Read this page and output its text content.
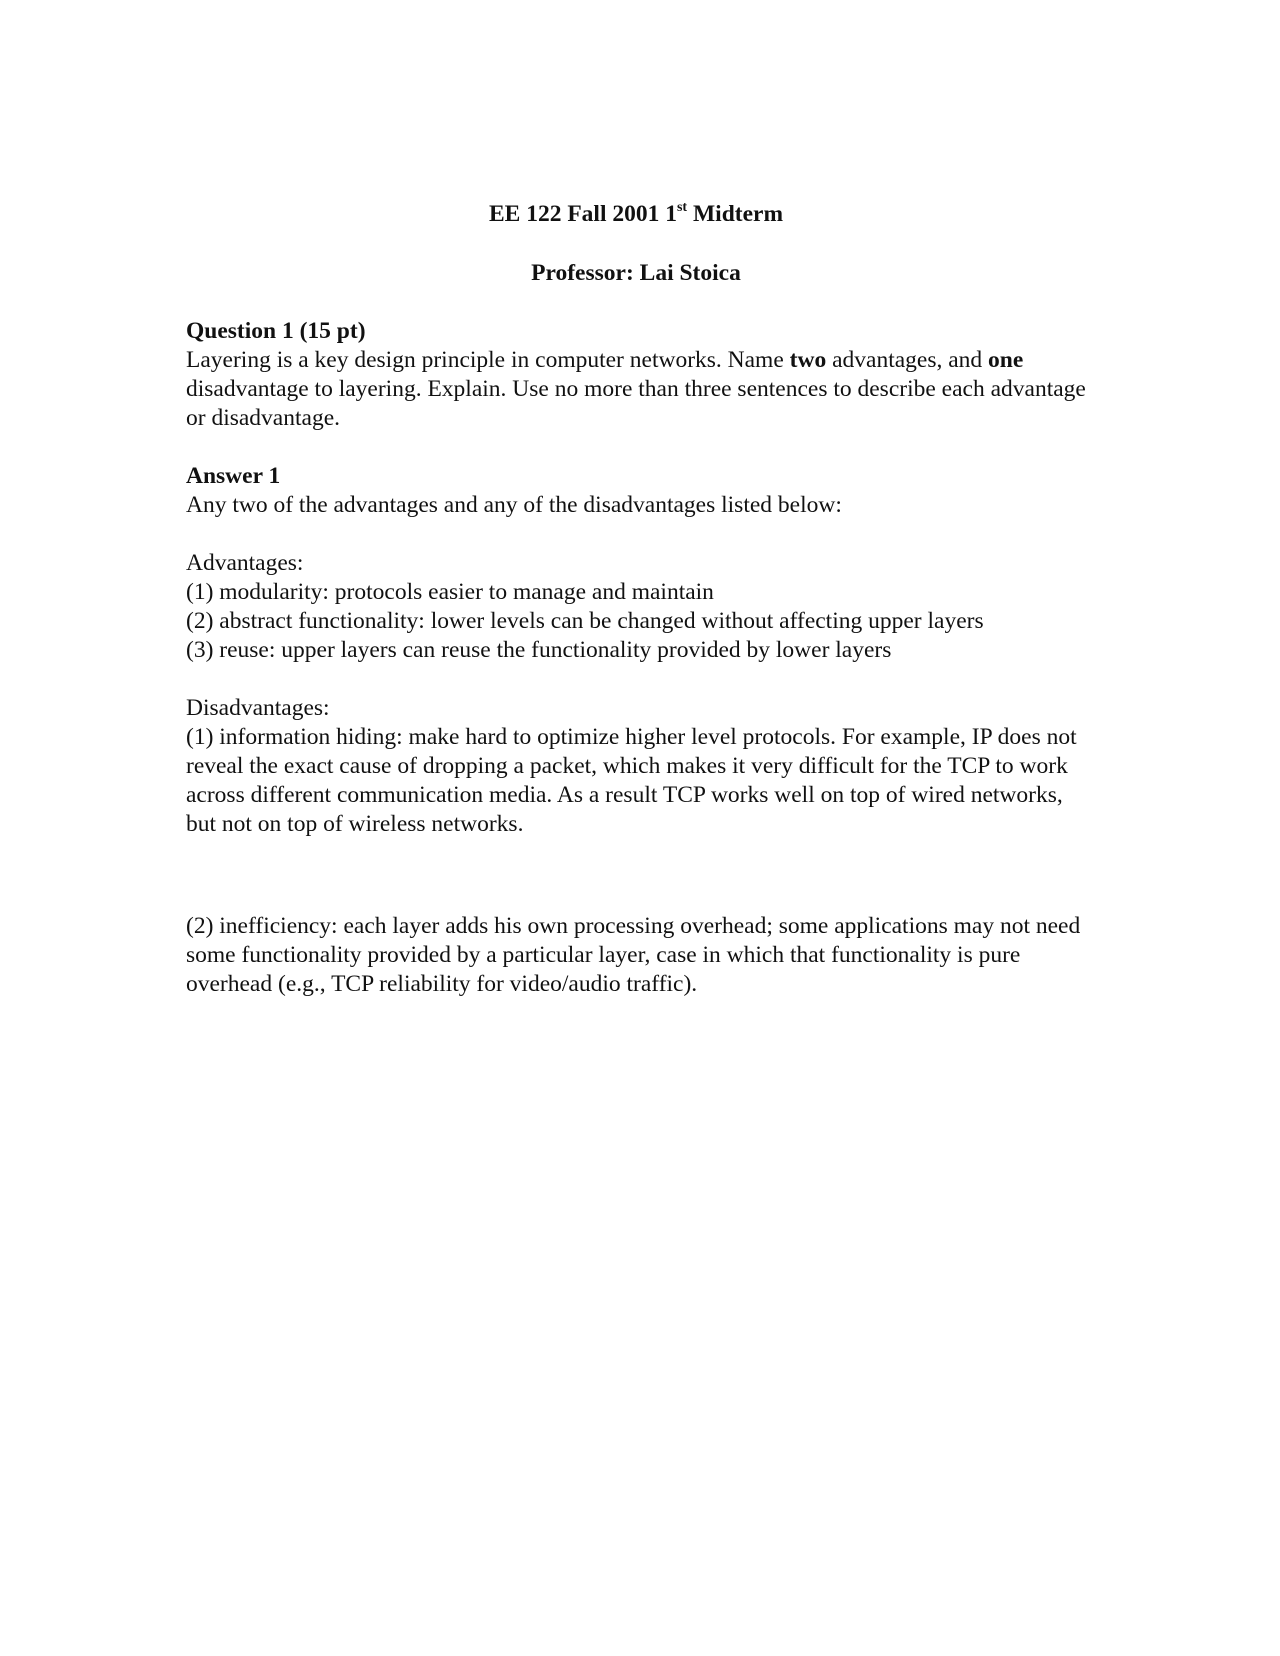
EE 122 Fall 2001 1st Midterm
Professor: Lai Stoica
Question 1 (15 pt)
Layering is a key design principle in computer networks. Name two advantages, and one disadvantage to layering. Explain. Use no more than three sentences to describe each advantage or disadvantage.
Answer 1
Any two of the advantages and any of the disadvantages listed below:
Advantages:
(1) modularity: protocols easier to manage and maintain
(2) abstract functionality: lower levels can be changed without affecting upper layers
(3) reuse: upper layers can reuse the functionality provided by lower layers
Disadvantages:
(1) information hiding: make hard to optimize higher level protocols. For example, IP does not reveal the exact cause of dropping a packet, which makes it very difficult for the TCP to work across different communication media. As a result TCP works well on top of wired networks, but not on top of wireless networks.
(2) inefficiency: each layer adds his own processing overhead; some applications may not need some functionality provided by a particular layer, case in which that functionality is pure overhead (e.g., TCP reliability for video/audio traffic).
